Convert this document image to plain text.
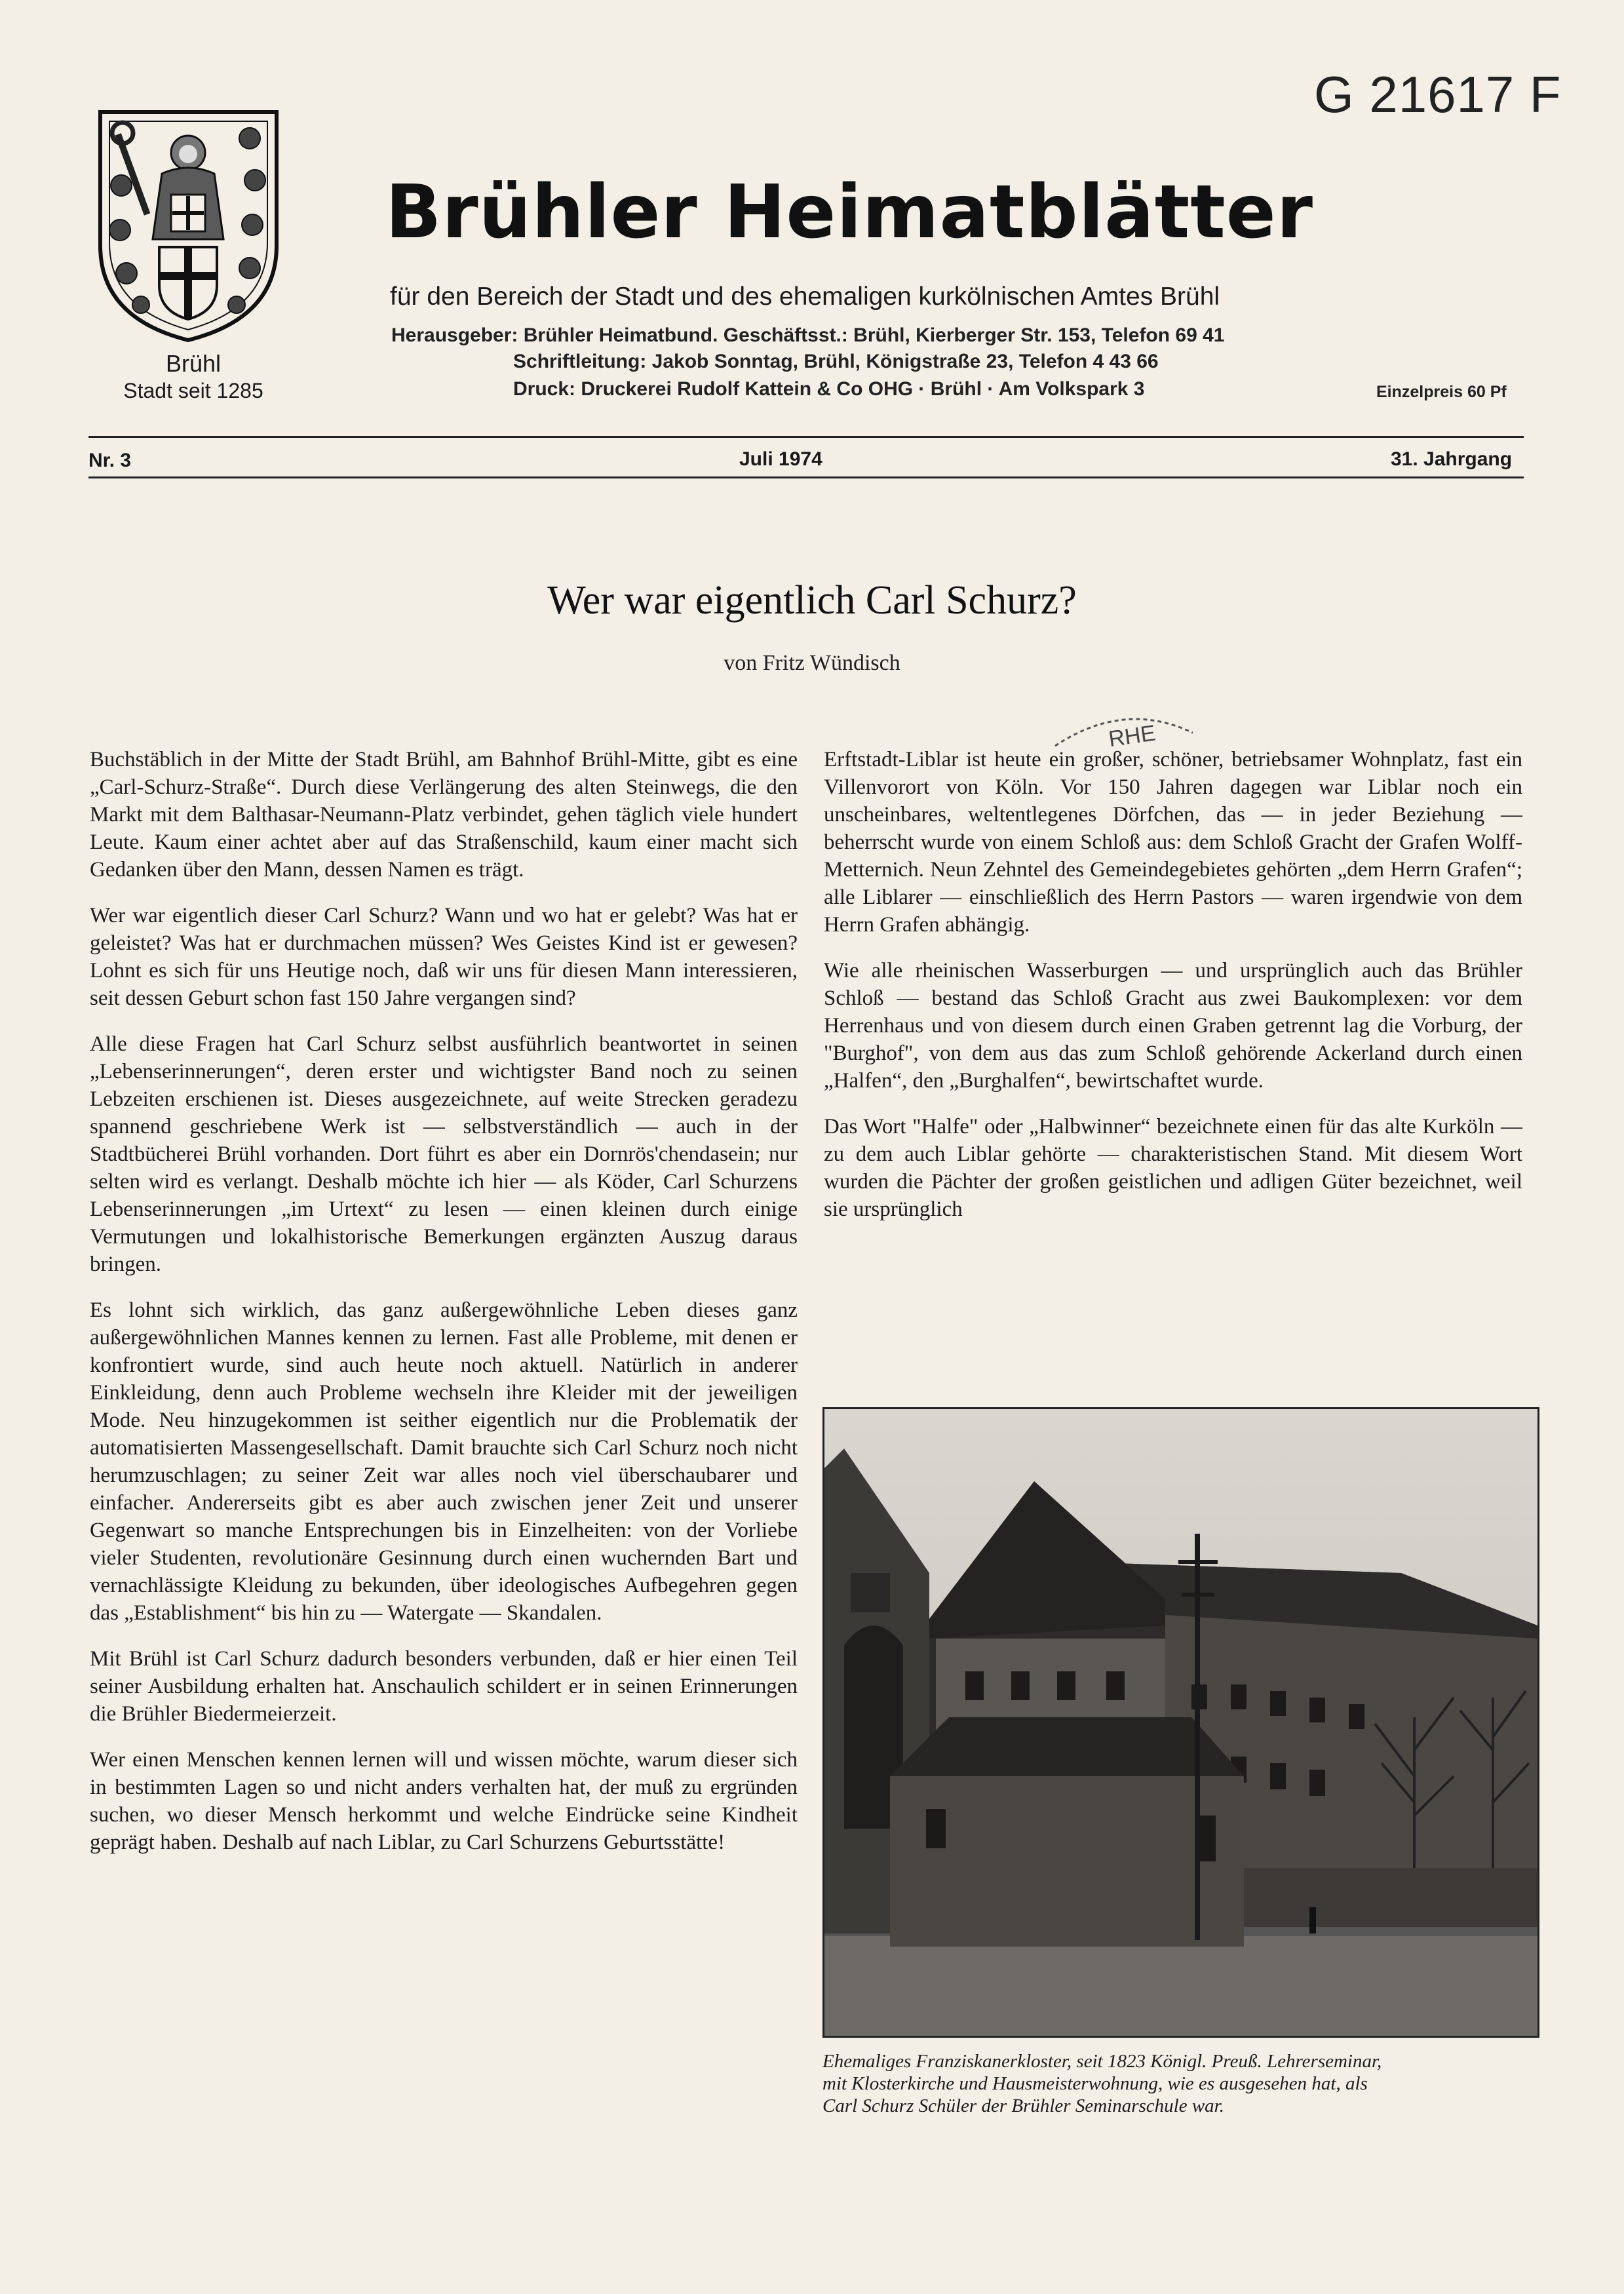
G 21617 F
Brühl
Stadt seit 1285
Brühler Heimatblätter
für den Bereich der Stadt und des ehemaligen kurkölnischen Amtes Brühl
Herausgeber: Brühler Heimatbund. Geschäftsst.: Brühl, Kierberger Str. 153, Telefon 69 41
Schriftleitung: Jakob Sonntag, Brühl, Königstraße 23, Telefon 4 43 66
Druck: Druckerei Rudolf Kattein & Co OHG · Brühl · Am Volkspark 3	Einzelpreis 60 Pf
Nr. 3	Juli 1974	31. Jahrgang
Wer war eigentlich Carl Schurz?
von Fritz Wündisch
RHE

Buchstäblich in der Mitte der Stadt Brühl, am Bahnhof Brühl-Mitte, gibt es eine „Carl-Schurz-Straße“. Durch diese Verlängerung des alten Steinwegs, die den Markt mit dem Balthasar-Neumann-Platz verbindet, gehen täglich viele hundert Leute. Kaum einer achtet aber auf das Straßenschild, kaum einer macht sich Gedanken über den Mann, dessen Namen es trägt.

Wer war eigentlich dieser Carl Schurz? Wann und wo hat er gelebt? Was hat er geleistet? Was hat er durchmachen müssen? Wes Geistes Kind ist er gewesen? Lohnt es sich für uns Heutige noch, daß wir uns für diesen Mann interessieren, seit dessen Geburt schon fast 150 Jahre vergangen sind?

Alle diese Fragen hat Carl Schurz selbst ausführlich beantwortet in seinen „Lebenserinnerungen“, deren erster und wichtigster Band noch zu seinen Lebzeiten erschienen ist. Dieses ausgezeichnete, auf weite Strecken geradezu spannend geschriebene Werk ist — selbstverständlich — auch in der Stadtbücherei Brühl vorhanden. Dort führt es aber ein Dornrös'chendasein; nur selten wird es verlangt. Deshalb möchte ich hier — als Köder, Carl Schurzens Lebenserinnerungen „im Urtext“ zu lesen — einen kleinen durch einige Vermutungen und lokalhistorische Bemerkungen ergänzten Auszug daraus bringen.

Es lohnt sich wirklich, das ganz außergewöhnliche Leben dieses ganz außergewöhnlichen Mannes kennen zu lernen. Fast alle Probleme, mit denen er konfrontiert wurde, sind auch heute noch aktuell. Natürlich in anderer Einkleidung, denn auch Probleme wechseln ihre Kleider mit der jeweiligen Mode. Neu hinzugekommen ist seither eigentlich nur die Problematik der automatisierten Massengesellschaft. Damit brauchte sich Carl Schurz noch nicht herumzuschlagen; zu seiner Zeit war alles noch viel überschaubarer und einfacher. Andererseits gibt es aber auch zwischen jener Zeit und unserer Gegenwart so manche Entsprechungen bis in Einzelheiten: von der Vorliebe vieler Studenten, revolutionäre Gesinnung durch einen wuchernden Bart und vernachlässigte Kleidung zu bekunden, über ideologisches Aufbegehren gegen das „Establishment“ bis hin zu — Watergate — Skandalen.

Mit Brühl ist Carl Schurz dadurch besonders verbunden, daß er hier einen Teil seiner Ausbildung erhalten hat. Anschaulich schildert er in seinen Erinnerungen die Brühler Biedermeierzeit.

Wer einen Menschen kennen lernen will und wissen möchte, warum dieser sich in bestimmten Lagen so und nicht anders verhalten hat, der muß zu ergründen suchen, wo dieser Mensch herkommt und welche Eindrücke seine Kindheit geprägt haben. Deshalb auf nach Liblar, zu Carl Schurzens Geburtsstätte!

Erftstadt-Liblar ist heute ein großer, schöner, betriebsamer Wohnplatz, fast ein Villenvorort von Köln. Vor 150 Jahren dagegen war Liblar noch ein unscheinbares, weltentlegenes Dörfchen, das — in jeder Beziehung — beherrscht wurde von einem Schloß aus: dem Schloß Gracht der Grafen Wolff-Metternich. Neun Zehntel des Gemeindegebietes gehörten „dem Herrn Grafen“; alle Liblarer — einschließlich des Herrn Pastors — waren irgendwie von dem Herrn Grafen abhängig.

Wie alle rheinischen Wasserburgen — und ursprünglich auch das Brühler Schloß — bestand das Schloß Gracht aus zwei Baukomplexen: vor dem Herrenhaus und von diesem durch einen Graben getrennt lag die Vorburg, der "Burghof", von dem aus das zum Schloß gehörende Ackerland durch einen „Halfen“, den „Burghalfen“, bewirtschaftet wurde.

Das Wort "Halfe" oder „Halbwinner“ bezeichnete einen für das alte Kurköln — zu dem auch Liblar gehörte — charakteristischen Stand. Mit diesem Wort wurden die Pächter der großen geistlichen und adligen Güter bezeichnet, weil sie ursprünglich

Ehemaliges Franziskanerkloster, seit 1823 Königl. Preuß. Lehrerseminar,
mit Klosterkirche und Hausmeisterwohnung, wie es ausgesehen hat, als
Carl Schurz Schüler der Brühler Seminarschule war.
